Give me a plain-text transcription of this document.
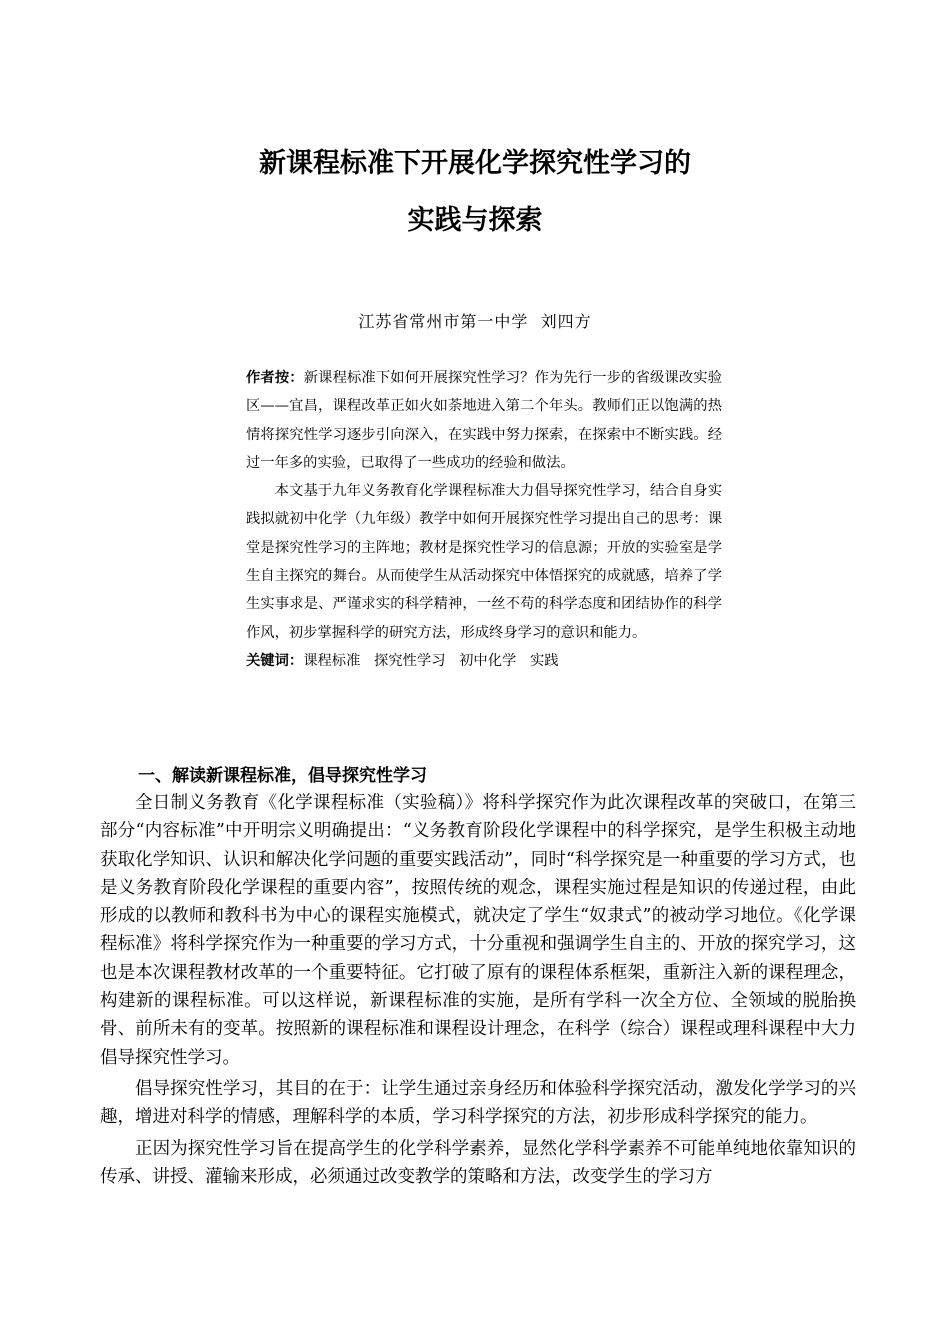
新课程标准下开展化学探究性学习的
实践与探索
江苏省常州市第一中学  刘四方

作者按：新课程标准下如何开展探究性学习？作为先行一步的省级课改实验区——宜昌，课程改革正如火如荼地进入第二个年头。教师们正以饱满的热情将探究性学习逐步引向深入，在实践中努力探索，在探索中不断实践。经过一年多的实验，已取得了一些成功的经验和做法。

本文基于九年义务教育化学课程标准大力倡导探究性学习，结合自身实践拟就初中化学（九年级）教学中如何开展探究性学习提出自己的思考：课堂是探究性学习的主阵地；教材是探究性学习的信息源；开放的实验室是学生自主探究的舞台。从而使学生从活动探究中体悟探究的成就感，培养了学生实事求是、严谨求实的科学精神，一丝不苟的科学态度和团结协作的科学作风，初步掌握科学的研究方法，形成终身学习的意识和能力。

关键词：课程标准   探究性学习   初中化学   实践

一、解读新课程标准，倡导探究性学习

全日制义务教育《化学课程标准（实验稿）》将科学探究作为此次课程改革的突破口，在第三部分“内容标准”中开明宗义明确提出：“义务教育阶段化学课程中的科学探究，是学生积极主动地获取化学知识、认识和解决化学问题的重要实践活动”，同时“科学探究是一种重要的学习方式，也是义务教育阶段化学课程的重要内容”，按照传统的观念，课程实施过程是知识的传递过程，由此形成的以教师和教科书为中心的课程实施模式，就决定了学生“奴隶式”的被动学习地位。《化学课程标准》将科学探究作为一种重要的学习方式，十分重视和强调学生自主的、开放的探究学习，这也是本次课程教材改革的一个重要特征。它打破了原有的课程体系框架，重新注入新的课程理念，构建新的课程标准。可以这样说，新课程标准的实施，是所有学科一次全方位、全领域的脱胎换骨、前所未有的变革。按照新的课程标准和课程设计理念，在科学（综合）课程或理科课程中大力倡导探究性学习。

倡导探究性学习，其目的在于：让学生通过亲身经历和体验科学探究活动，激发化学学习的兴趣，增进对科学的情感，理解科学的本质，学习科学探究的方法，初步形成科学探究的能力。

正因为探究性学习旨在提高学生的化学科学素养，显然化学科学素养不可能单纯地依靠知识的传承、讲授、灌输来形成，必须通过改变教学的策略和方法，改变学生的学习方
